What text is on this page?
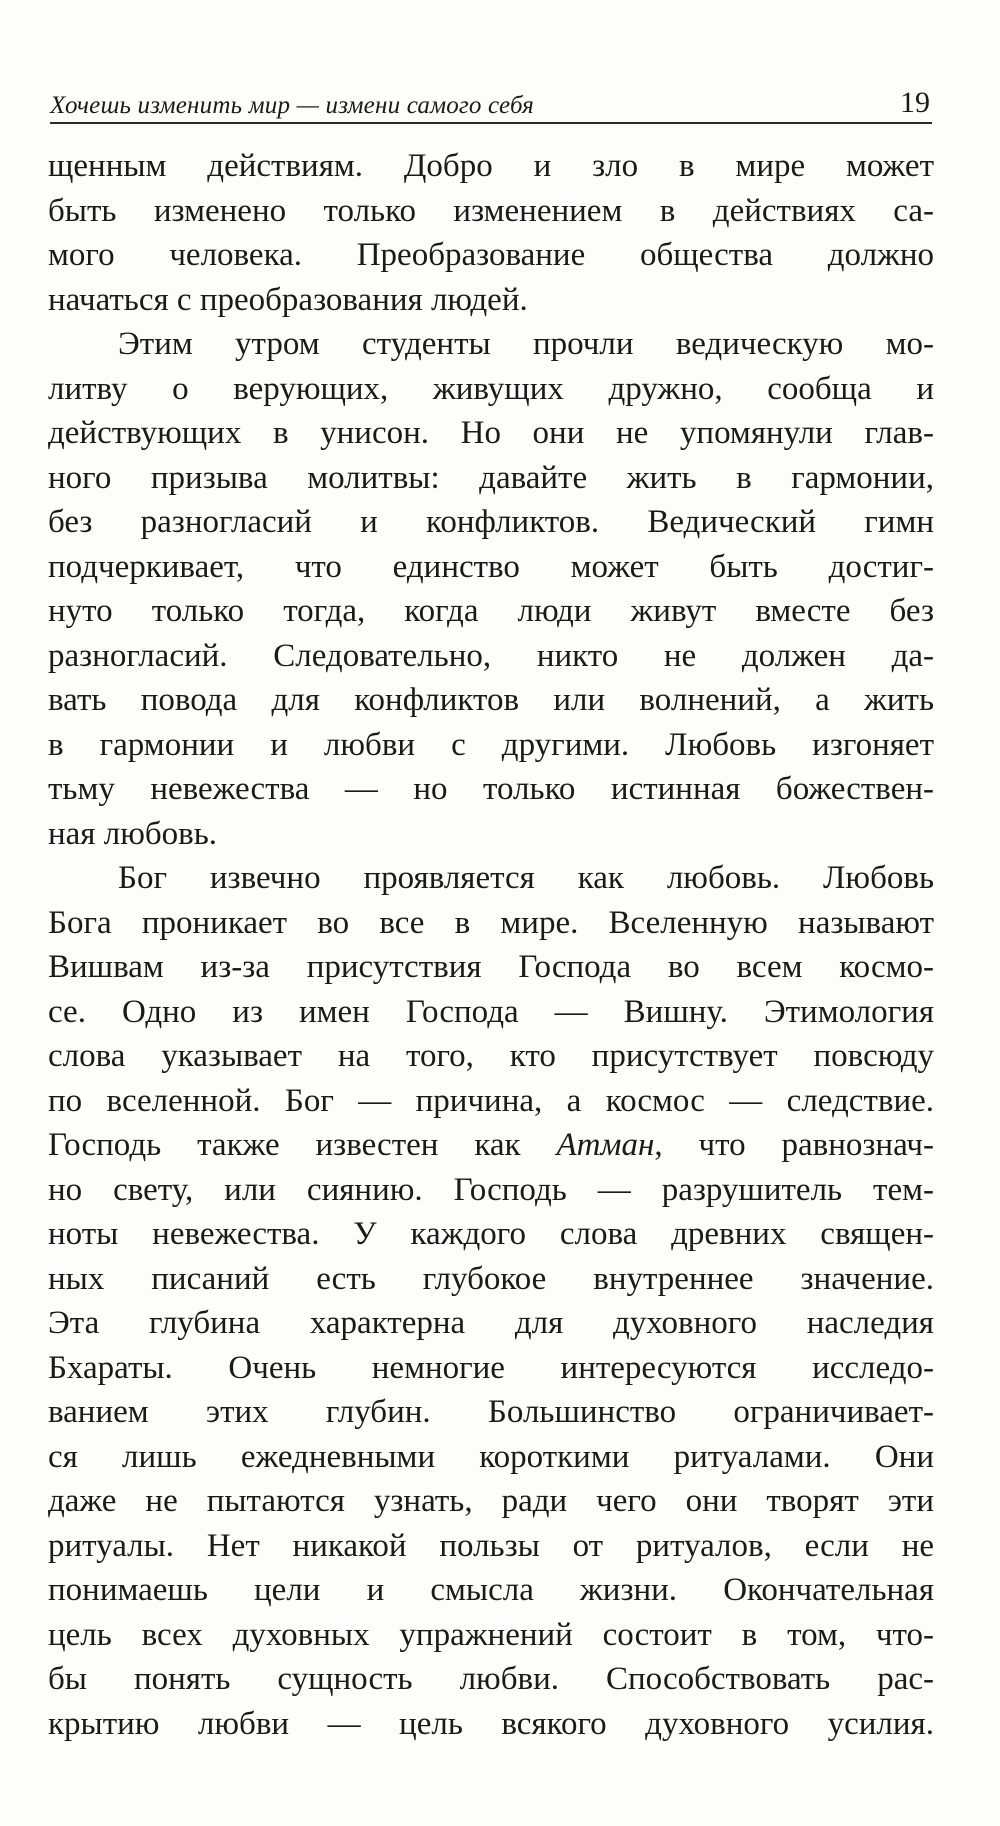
Хочешь изменить мир — измени самого себя	19
щенным действиям. Добро и зло в мире может
быть изменено только изменением в действиях са-
мого человека. Преобразование общества должно
начаться с преобразования людей.
Этим утром студенты прочли ведическую мо-
литву о верующих, живущих дружно, сообща и
действующих в унисон. Но они не упомянули глав-
ного призыва молитвы: давайте жить в гармонии,
без разногласий и конфликтов. Ведический гимн
подчеркивает, что единство может быть достиг-
нуто только тогда, когда люди живут вместе без
разногласий. Следовательно, никто не должен да-
вать повода для конфликтов или волнений, а жить
в гармонии и любви с другими. Любовь изгоняет
тьму невежества — но только истинная божествен-
ная любовь.
Бог извечно проявляется как любовь. Любовь
Бога проникает во все в мире. Вселенную называют
Вишвам из-за присутствия Господа во всем космо-
се. Одно из имен Господа — Вишну. Этимология
слова указывает на того, кто присутствует повсюду
по вселенной. Бог — причина, а космос — следствие.
Господь также известен как Атман, что равнознач-
но свету, или сиянию. Господь — разрушитель тем-
ноты невежества. У каждого слова древних священ-
ных писаний есть глубокое внутреннее значение.
Эта глубина характерна для духовного наследия
Бхараты. Очень немногие интересуются исследо-
ванием этих глубин. Большинство ограничивает-
ся лишь ежедневными короткими ритуалами. Они
даже не пытаются узнать, ради чего они творят эти
ритуалы. Нет никакой пользы от ритуалов, если не
понимаешь цели и смысла жизни. Окончательная
цель всех духовных упражнений состоит в том, что-
бы понять сущность любви. Способствовать рас-
крытию любви — цель всякого духовного усилия.
